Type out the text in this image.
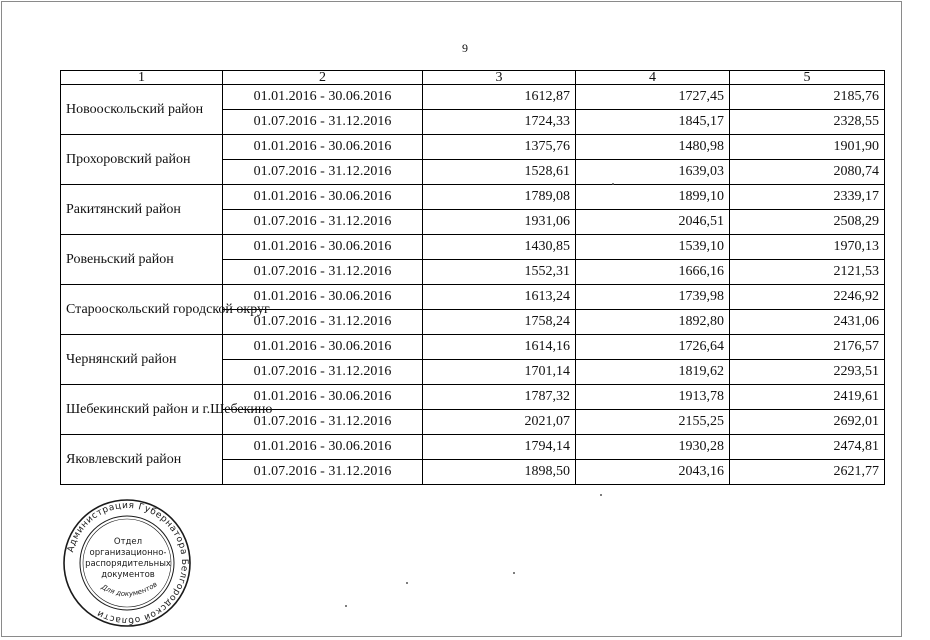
9
1	2	3	4	5
Новооскольский район	01.01.2016 - 30.06.2016	1612,87	1727,45	2185,76
	01.07.2016 - 31.12.2016	1724,33	1845,17	2328,55
Прохоровский район	01.01.2016 - 30.06.2016	1375,76	1480,98	1901,90
	01.07.2016 - 31.12.2016	1528,61	1639,03	2080,74
Ракитянский район	01.01.2016 - 30.06.2016	1789,08	1899,10	2339,17
	01.07.2016 - 31.12.2016	1931,06	2046,51	2508,29
Ровеньский район	01.01.2016 - 30.06.2016	1430,85	1539,10	1970,13
	01.07.2016 - 31.12.2016	1552,31	1666,16	2121,53
Старооскольский городской округ	01.01.2016 - 30.06.2016	1613,24	1739,98	2246,92
	01.07.2016 - 31.12.2016	1758,24	1892,80	2431,06
Чернянский район	01.01.2016 - 30.06.2016	1614,16	1726,64	2176,57
	01.07.2016 - 31.12.2016	1701,14	1819,62	2293,51
Шебекинский район и г.Шебекино	01.01.2016 - 30.06.2016	1787,32	1913,78	2419,61
	01.07.2016 - 31.12.2016	2021,07	2155,25	2692,01
Яковлевский район	01.01.2016 - 30.06.2016	1794,14	1930,28	2474,81
	01.07.2016 - 31.12.2016	1898,50	2043,16	2621,77
Администрация Губернатора Белгородской области
Отдел
организационно-
распорядительных
документов
Для документов
